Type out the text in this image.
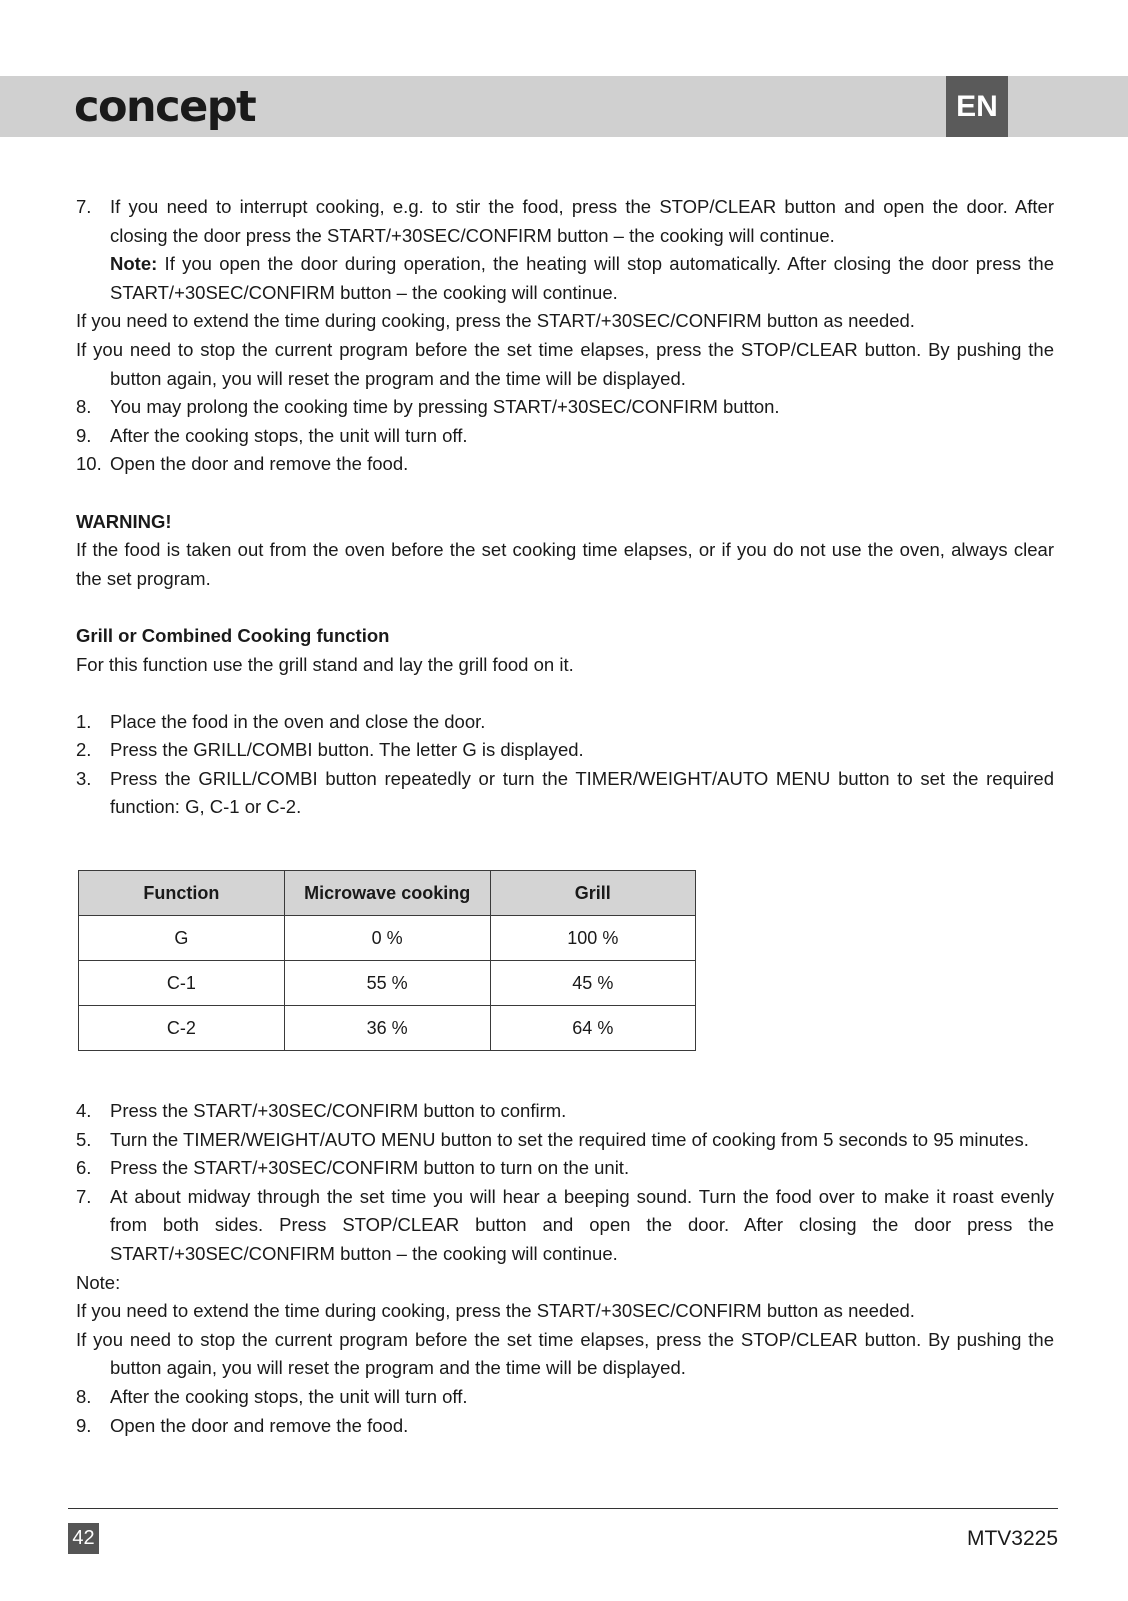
concept	EN
7. If you need to interrupt cooking, e.g. to stir the food, press the STOP/CLEAR button and open the door. After closing the door press the START/+30SEC/CONFIRM button – the cooking will continue.
Note: If you open the door during operation, the heating will stop automatically. After closing the door press the START/+30SEC/CONFIRM button – the cooking will continue.
If you need to extend the time during cooking, press the START/+30SEC/CONFIRM button as needed.
If you need to stop the current program before the set time elapses, press the STOP/CLEAR button. By pushing the button again, you will reset the program and the time will be displayed.
8. You may prolong the cooking time by pressing START/+30SEC/CONFIRM button.
9. After the cooking stops, the unit will turn off.
10. Open the door and remove the food.
WARNING!
If the food is taken out from the oven before the set cooking time elapses, or if you do not use the oven, always clear the set program.
Grill or Combined Cooking function
For this function use the grill stand and lay the grill food on it.
1. Place the food in the oven and close the door.
2. Press the GRILL/COMBI button. The letter G is displayed.
3. Press the GRILL/COMBI button repeatedly or turn the TIMER/WEIGHT/AUTO MENU button to set the required function: G, C-1 or C-2.
Function	Microwave cooking	Grill
G	0 %	100 %
C-1	55 %	45 %
C-2	36 %	64 %
4. Press the START/+30SEC/CONFIRM button to confirm.
5. Turn the TIMER/WEIGHT/AUTO MENU button to set the required time of cooking from 5 seconds to 95 minutes.
6. Press the START/+30SEC/CONFIRM button to turn on the unit.
7. At about midway through the set time you will hear a beeping sound. Turn the food over to make it roast evenly from both sides. Press STOP/CLEAR button and open the door. After closing the door press the START/+30SEC/CONFIRM button – the cooking will continue.
Note:
If you need to extend the time during cooking, press the START/+30SEC/CONFIRM button as needed.
If you need to stop the current program before the set time elapses, press the STOP/CLEAR button. By pushing the button again, you will reset the program and the time will be displayed.
8. After the cooking stops, the unit will turn off.
9. Open the door and remove the food.
42	MTV3225
